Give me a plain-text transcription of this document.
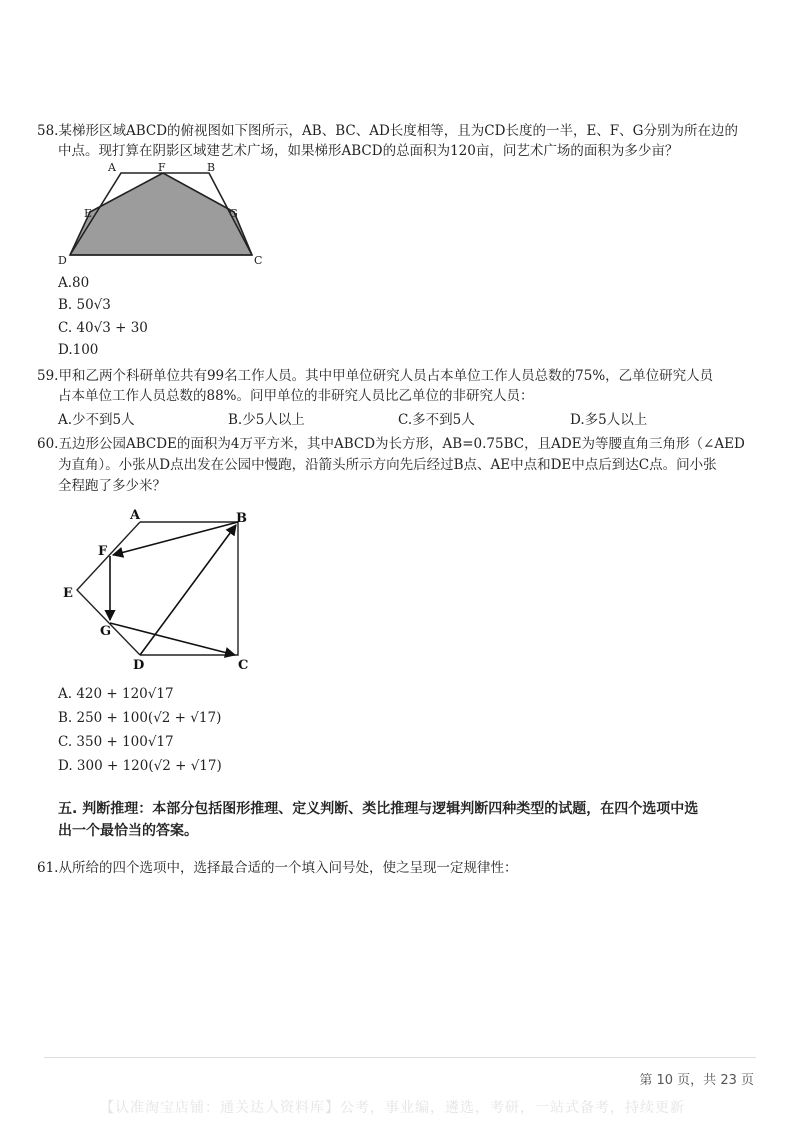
58.某梯形区域ABCD的俯视图如下图所示，AB、BC、AD长度相等，且为CD长度的一半，E、F、G分别为所在边的
中点。现打算在阴影区域建艺术广场，如果梯形ABCD的总面积为120亩，问艺术广场的面积为多少亩？
A	F	B
E	G
D	C
A.80
B. 50√3
C. 40√3 + 30
D.100
59.甲和乙两个科研单位共有99名工作人员。其中甲单位研究人员占本单位工作人员总数的75%，乙单位研究人员
占本单位工作人员总数的88%。问甲单位的非研究人员比乙单位的非研究人员：
A.少不到5人	B.少5人以上	C.多不到5人	D.多5人以上
60.五边形公园ABCDE的面积为4万平方米，其中ABCD为长方形，AB=0.75BC，且ADE为等腰直角三角形（∠AED
为直角）。小张从D点出发在公园中慢跑，沿箭头所示方向先后经过B点、AE中点和DE中点后到达C点。问小张
全程跑了多少米？
A	B
F
E
G
D	C
A. 420 + 120√17
B. 250 + 100(√2 + √17)
C. 350 + 100√17
D. 300 + 120(√2 + √17)
五. 判断推理：本部分包括图形推理、定义判断、类比推理与逻辑判断四种类型的试题，在四个选项中选
出一个最恰当的答案。
61.从所给的四个选项中，选择最合适的一个填入问号处，使之呈现一定规律性：
第 10 页，共 23 页
【认准淘宝店铺：通关达人资料库】公考，事业编，遴选，考研，一站式备考，持续更新
